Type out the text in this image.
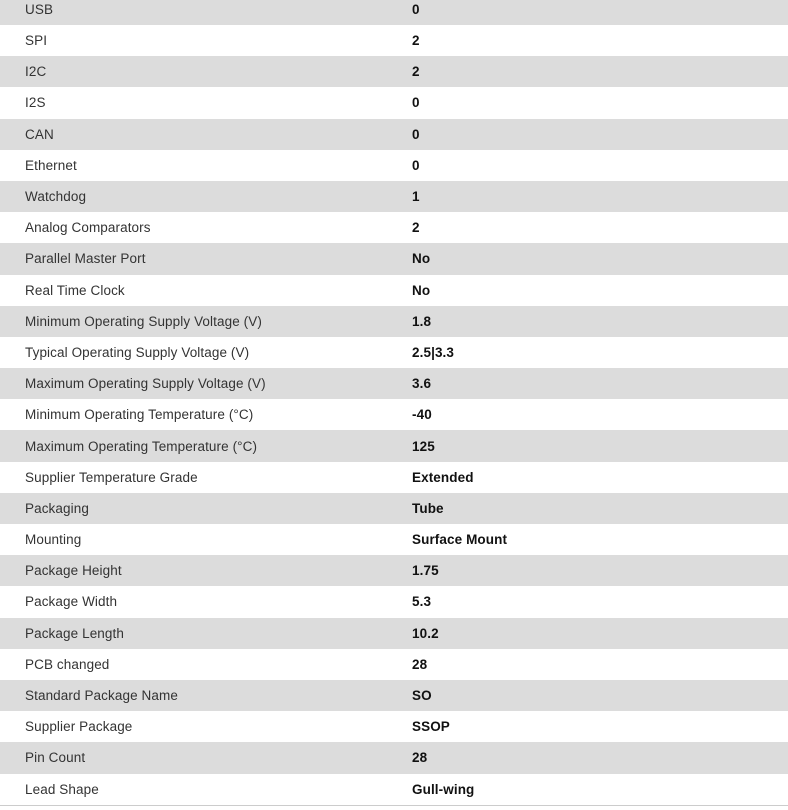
USB	0
SPI	2
I2C	2
I2S	0
CAN	0
Ethernet	0
Watchdog	1
Analog Comparators	2
Parallel Master Port	No
Real Time Clock	No
Minimum Operating Supply Voltage (V)	1.8
Typical Operating Supply Voltage (V)	2.5|3.3
Maximum Operating Supply Voltage (V)	3.6
Minimum Operating Temperature (°C)	-40
Maximum Operating Temperature (°C)	125
Supplier Temperature Grade	Extended
Packaging	Tube
Mounting	Surface Mount
Package Height	1.75
Package Width	5.3
Package Length	10.2
PCB changed	28
Standard Package Name	SO
Supplier Package	SSOP
Pin Count	28
Lead Shape	Gull-wing
